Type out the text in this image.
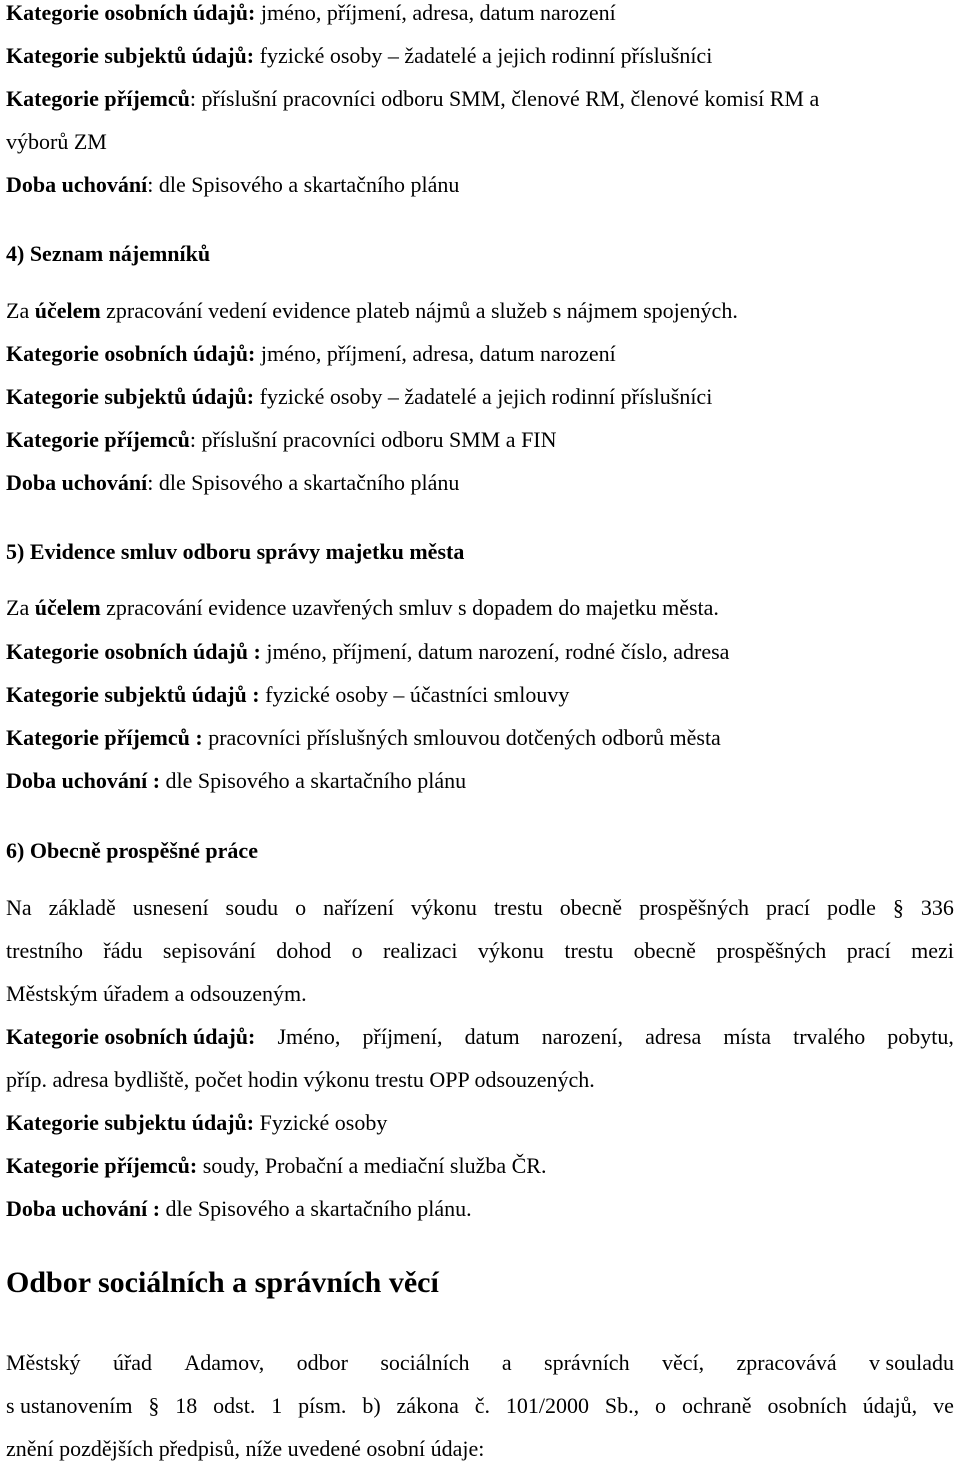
Kategorie osobních údajů: jméno, příjmení, adresa, datum narození
Kategorie subjektů údajů: fyzické osoby – žadatelé a jejich rodinní příslušníci
Kategorie příjemců: příslušní pracovníci odboru SMM, členové RM, členové komisí RM a
výborů ZM
Doba uchování: dle Spisového a skartačního plánu
4) Seznam nájemníků
Za účelem zpracování vedení evidence plateb nájmů a služeb s nájmem spojených.
Kategorie osobních údajů: jméno, příjmení, adresa, datum narození
Kategorie subjektů údajů: fyzické osoby – žadatelé a jejich rodinní příslušníci
Kategorie příjemců: příslušní pracovníci odboru SMM a FIN
Doba uchování: dle Spisového a skartačního plánu
5) Evidence smluv odboru správy majetku města
Za účelem zpracování evidence uzavřených smluv s dopadem do majetku města.
Kategorie osobních údajů : jméno, příjmení, datum narození, rodné číslo, adresa
Kategorie subjektů údajů : fyzické osoby – účastníci smlouvy
Kategorie příjemců : pracovníci příslušných smlouvou dotčených odborů města
Doba uchování : dle Spisového a skartačního plánu
6) Obecně prospěšné práce
Na základě usnesení soudu o nařízení výkonu trestu obecně prospěšných prací podle § 336
trestního řádu sepisování dohod o realizaci výkonu trestu obecně prospěšných prací mezi
Městským úřadem a odsouzeným.
Kategorie osobních údajů: Jméno, příjmení, datum narození, adresa místa trvalého pobytu,
příp. adresa bydliště, počet hodin výkonu trestu OPP odsouzených.
Kategorie subjektu údajů: Fyzické osoby
Kategorie příjemců: soudy, Probační a mediační služba ČR.
Doba uchování : dle Spisového a skartačního plánu.
Odbor sociálních a správních věcí
Městský úřad Adamov, odbor sociálních a správních věcí, zpracovává v souladu
s ustanovením § 18 odst. 1 písm. b) zákona č. 101/2000 Sb., o ochraně osobních údajů, ve
znění pozdějších předpisů, níže uvedené osobní údaje:
